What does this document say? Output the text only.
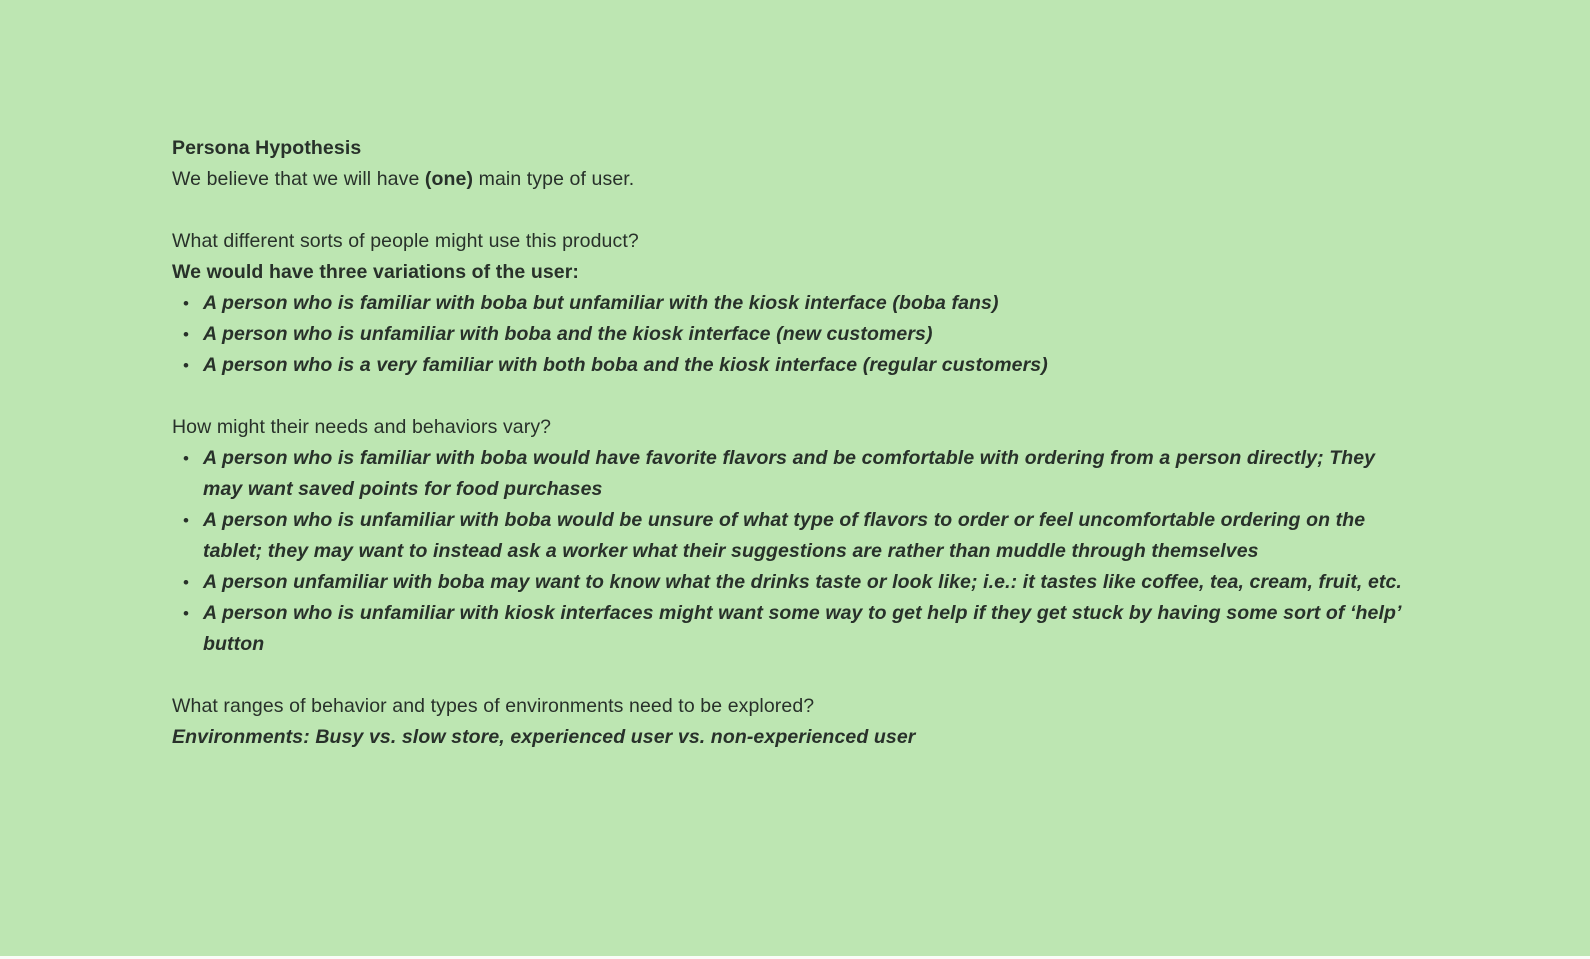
Persona Hypothesis

We believe that we will have (one) main type of user.

What different sorts of people might use this product?

We would have three variations of the user:

• A person who is familiar with boba but unfamiliar with the kiosk interface (boba fans)
• A person who is unfamiliar with boba and the kiosk interface (new customers)
• A person who is a very familiar with both boba and the kiosk interface (regular customers)

How might their needs and behaviors vary?

• A person who is familiar with boba would have favorite flavors and be comfortable with ordering from a person directly; They may want saved points for food purchases
• A person who is unfamiliar with boba would be unsure of what type of flavors to order or feel uncomfortable ordering on the tablet; they may want to instead ask a worker what their suggestions are rather than muddle through themselves
• A person unfamiliar with boba may want to know what the drinks taste or look like; i.e.: it tastes like coffee, tea, cream, fruit, etc.
• A person who is unfamiliar with kiosk interfaces might want some way to get help if they get stuck by having some sort of ‘help’ button

What ranges of behavior and types of environments need to be explored?

Environments: Busy vs. slow store, experienced user vs. non-experienced user
